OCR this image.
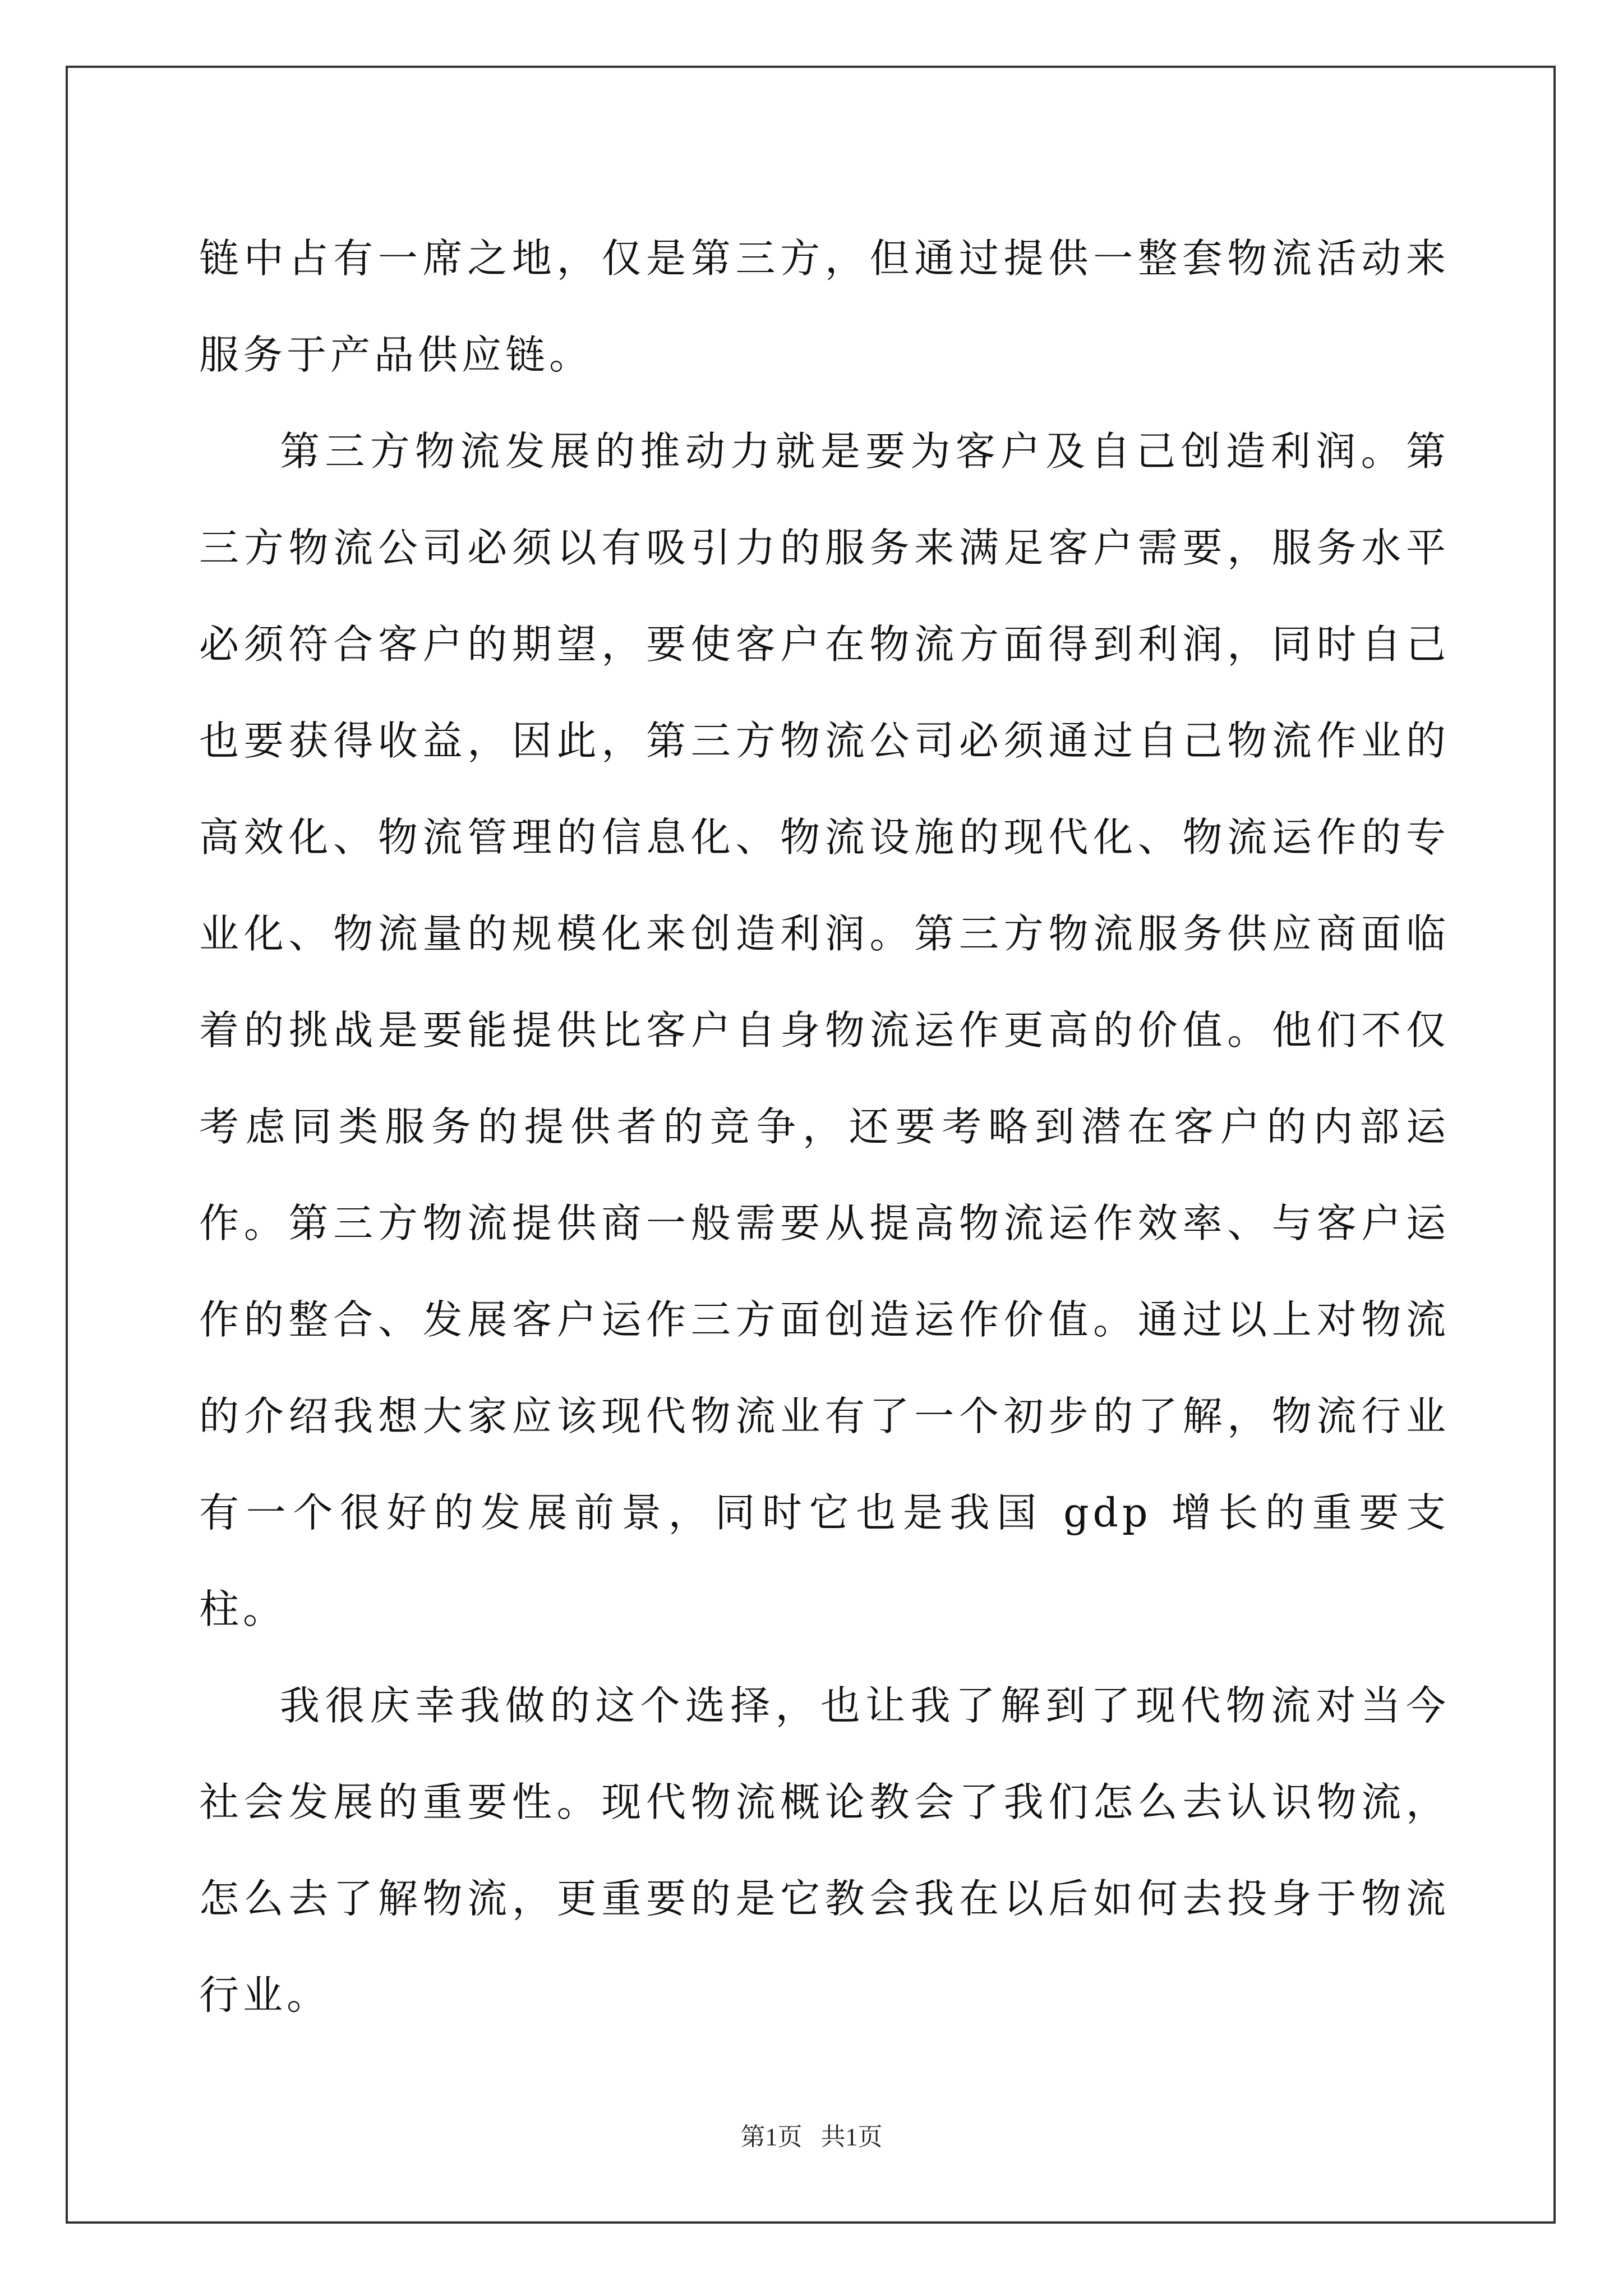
链中占有一席之地，仅是第三方，但通过提供一整套物流活动来服务于产品供应链。

第三方物流发展的推动力就是要为客户及自己创造利润。第三方物流公司必须以有吸引力的服务来满足客户需要，服务水平必须符合客户的期望，要使客户在物流方面得到利润，同时自己也要获得收益，因此，第三方物流公司必须通过自己物流作业的高效化、物流管理的信息化、物流设施的现代化、物流运作的专业化、物流量的规模化来创造利润。第三方物流服务供应商面临着的挑战是要能提供比客户自身物流运作更高的价值。他们不仅考虑同类服务的提供者的竞争，还要考略到潜在客户的内部运作。第三方物流提供商一般需要从提高物流运作效率、与客户运作的整合、发展客户运作三方面创造运作价值。通过以上对物流的介绍我想大家应该现代物流业有了一个初步的了解，物流行业有一个很好的发展前景，同时它也是我国 gdp 增长的重要支柱。

我很庆幸我做的这个选择，也让我了解到了现代物流对当今社会发展的重要性。现代物流概论教会了我们怎么去认识物流，怎么去了解物流，更重要的是它教会我在以后如何去投身于物流行业。

第1页   共1页
